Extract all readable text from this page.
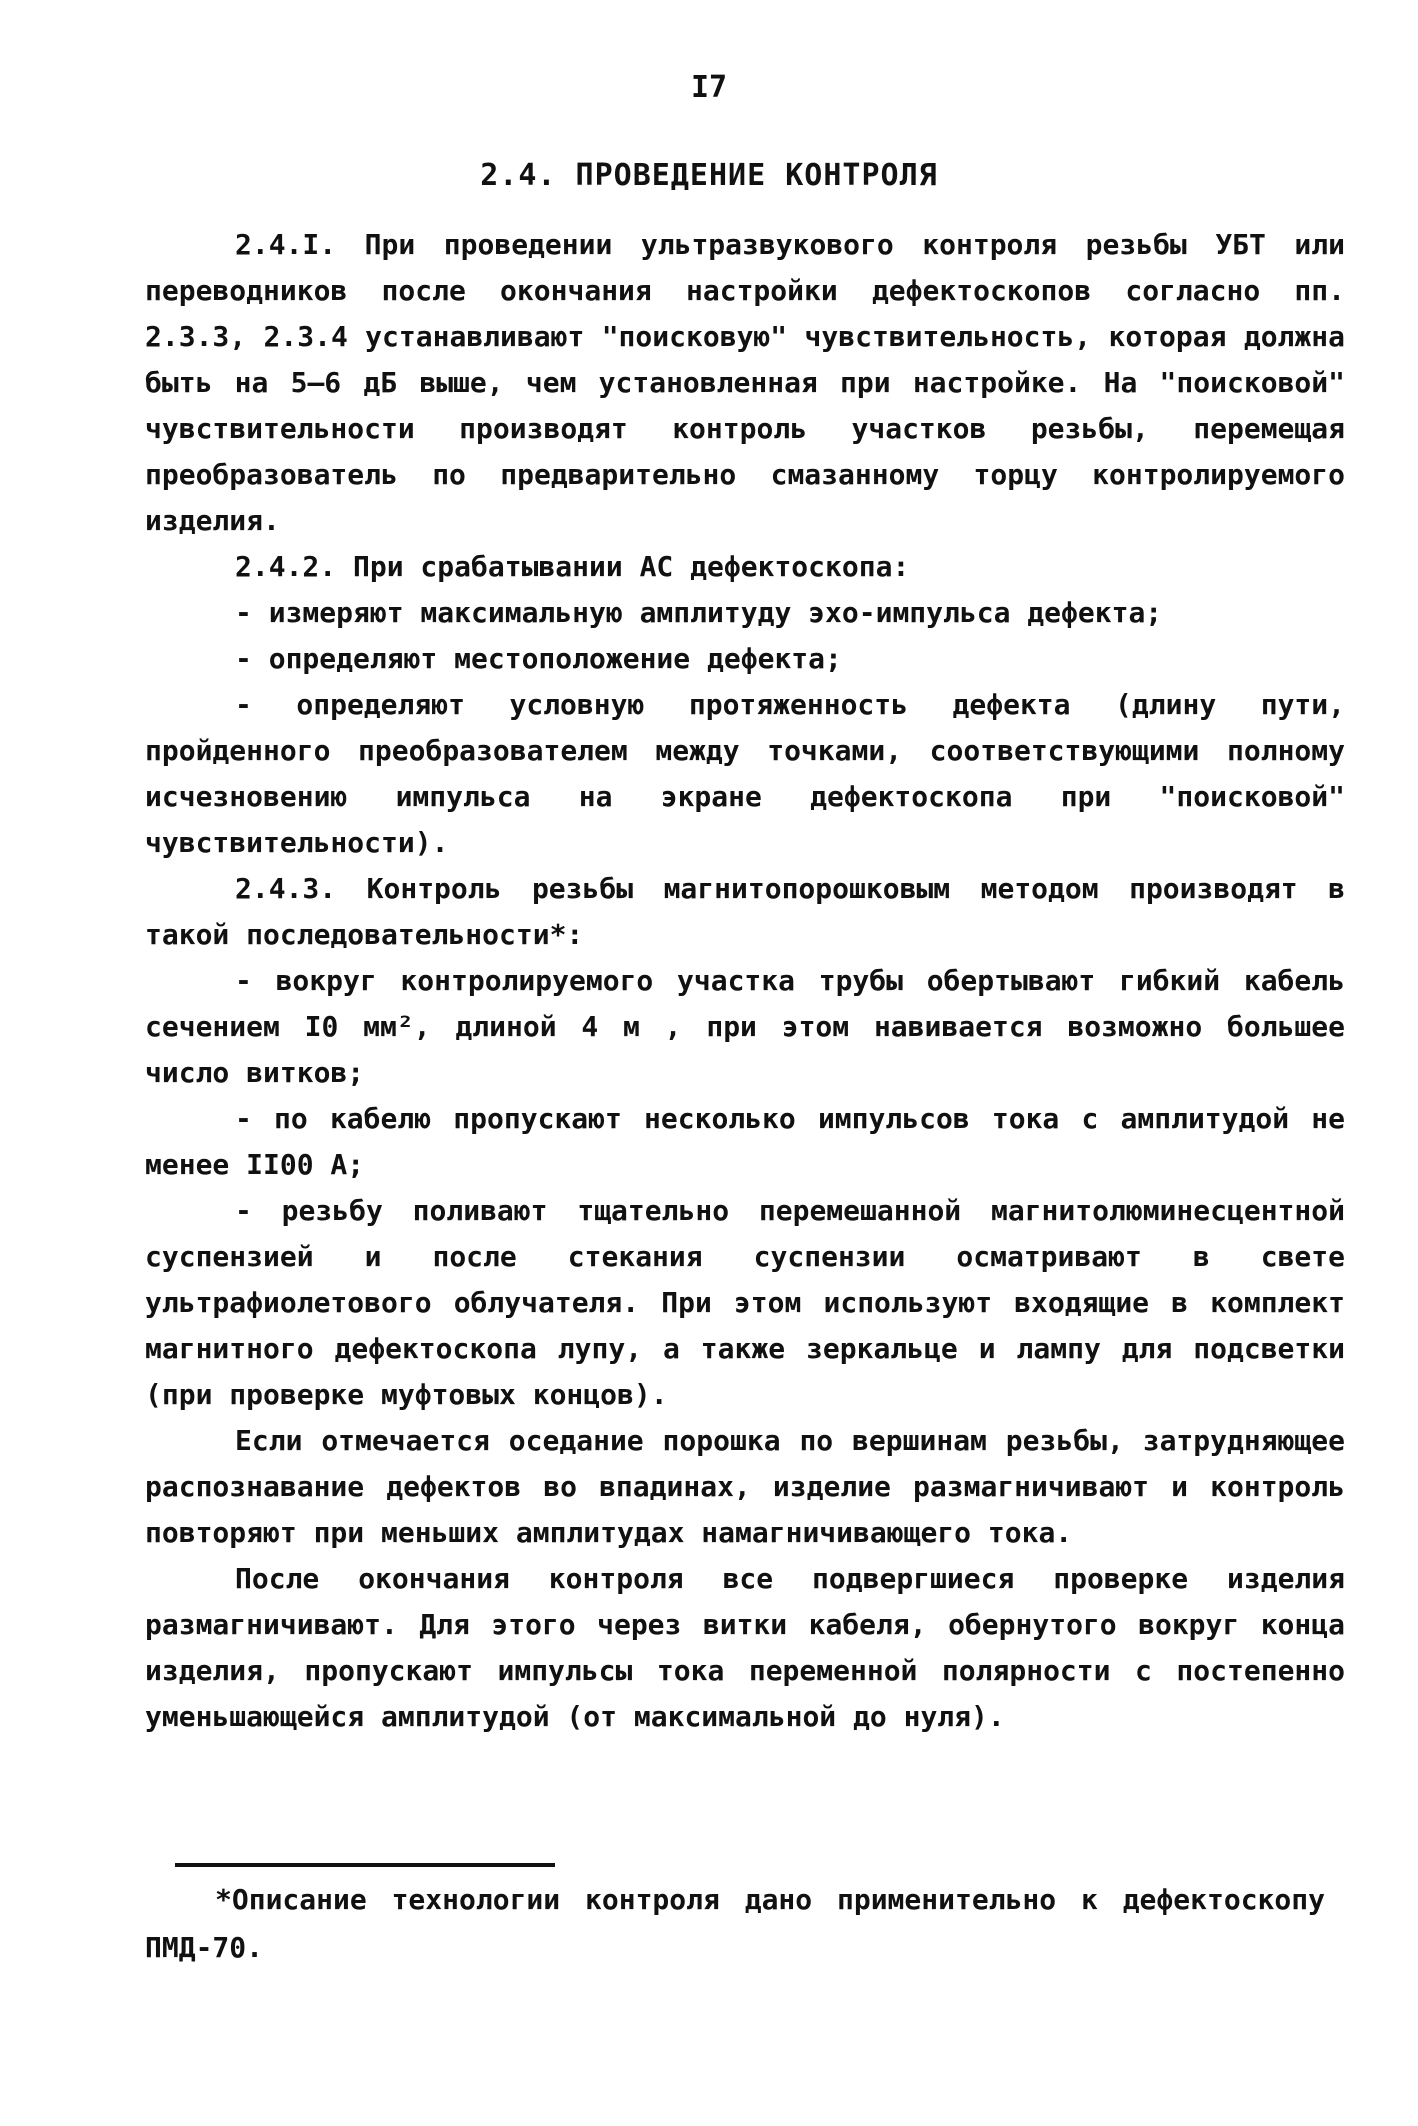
I7
2.4. ПРОВЕДЕНИЕ КОНТРОЛЯ

2.4.I. При проведении ультразвукового контроля резьбы УБТ или переводников после окончания настройки дефектоскопов согласно пп. 2.3.3, 2.3.4 устанавливают "поисковую" чувствительность, которая должна быть на 5–6 дБ выше, чем установленная при настройке. На "поисковой" чувствительности производят контроль участков резьбы, перемещая преобразователь по предварительно смазанному торцу контролируемого изделия.

2.4.2. При срабатывании АС дефектоскопа:

- измеряют максимальную амплитуду эхо-импульса дефекта;

- определяют местоположение дефекта;

- определяют условную протяженность дефекта (длину пути, пройденного преобразователем между точками, соответствующими полному исчезновению импульса на экране дефектоскопа при "поисковой" чувствительности).

2.4.3. Контроль резьбы магнитопорошковым методом производят в такой последовательности*:

- вокруг контролируемого участка трубы обертывают гибкий кабель сечением I0 мм², длиной 4 м , при этом навивается возможно большее число витков;

- по кабелю пропускают несколько импульсов тока с амплитудой не менее II00 А;

- резьбу поливают тщательно перемешанной магнитолюминесцентной суспензией и после стекания суспензии осматривают в свете ультрафиолетового облучателя. При этом используют входящие в комплект магнитного дефектоскопа лупу, а также зеркальце и лампу для подсветки (при проверке муфтовых концов).

Если отмечается оседание порошка по вершинам резьбы, затрудняющее распознавание дефектов во впадинах, изделие размагничивают и контроль повторяют при меньших амплитудах намагничивающего тока.

После окончания контроля все подвергшиеся проверке изделия размагничивают. Для этого через витки кабеля, обернутого вокруг конца изделия, пропускают импульсы тока переменной полярности с постепенно уменьшающейся амплитудой (от максимальной до нуля).

*Описание технологии контроля дано применительно к дефектоскопу ПМД-70.
